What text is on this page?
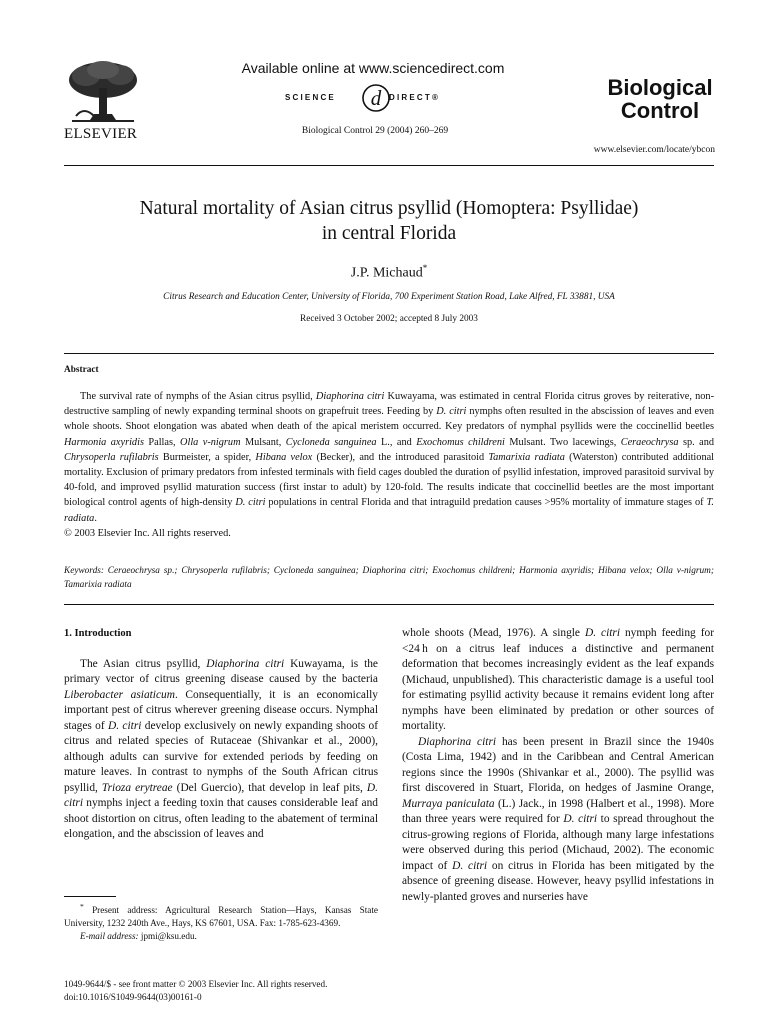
ELSEVIER
Available online at www.sciencedirect.com
d
SCIENCE	DIRECT®
Biological Control 29 (2004) 260–269
Biological
Control
www.elsevier.com/locate/ybcon
Natural mortality of Asian citrus psyllid (Homoptera: Psyllidae)
in central Florida
J.P. Michaud*
Citrus Research and Education Center, University of Florida, 700 Experiment Station Road, Lake Alfred, FL 33881, USA
Received 3 October 2002; accepted 8 July 2003
Abstract

The survival rate of nymphs of the Asian citrus psyllid, Diaphorina citri Kuwayama, was estimated in central Florida citrus groves by reiterative, non-destructive sampling of newly expanding terminal shoots on grapefruit trees. Feeding by D. citri nymphs often resulted in the abscission of leaves and even whole shoots. Shoot elongation was abated when death of the apical meristem occurred. Key predators of nymphal psyllids were the coccinellid beetles Harmonia axyridis Pallas, Olla v-nigrum Mulsant, Cycloneda sanguinea L., and Exochomus childreni Mulsant. Two lacewings, Ceraeochrysa sp. and Chrysoperla rufilabris Burmeister, a spider, Hibana velox (Becker), and the introduced parasitoid Tamarixia radiata (Waterston) contributed additional mortality. Exclusion of primary predators from infested terminals with field cages doubled the duration of psyllid infestation, improved parasitoid survival by 40-fold, and improved psyllid maturation success (first instar to adult) by 120-fold. The results indicate that coccinellid beetles are the most important biological control agents of high-density D. citri populations in central Florida and that intraguild predation causes >95% mortality of immature stages of T. radiata.

© 2003 Elsevier Inc. All rights reserved.

Keywords: Ceraeochrysa sp.; Chrysoperla rufilabris; Cycloneda sanguinea; Diaphorina citri; Exochomus childreni; Harmonia axyridis; Hibana velox; Olla v-nigrum; Tamarixia radiata

1. Introduction

The Asian citrus psyllid, Diaphorina citri Kuwayama, is the primary vector of citrus greening disease caused by the bacteria Liberobacter asiaticum. Consequentially, it is an economically important pest of citrus wherever greening disease occurs. Nymphal stages of D. citri develop exclusively on newly expanding shoots of citrus and related species of Rutaceae (Shivankar et al., 2000), although adults can survive for extended periods by feeding on mature leaves. In contrast to nymphs of the South African citrus psyllid, Trioza erytreae (Del Guercio), that develop in leaf pits, D. citri nymphs inject a feeding toxin that causes considerable leaf and shoot distortion on citrus, often leading to the abatement of terminal elongation, and the abscission of leaves and

whole shoots (Mead, 1976). A single D. citri nymph feeding for <24 h on a citrus leaf induces a distinctive and permanent deformation that becomes increasingly evident as the leaf expands (Michaud, unpublished). This characteristic damage is a useful tool for estimating psyllid activity because it remains evident long after nymphs have been eliminated by predation or other sources of mortality.

Diaphorina citri has been present in Brazil since the 1940s (Costa Lima, 1942) and in the Caribbean and Central American regions since the 1990s (Shivankar et al., 2000). The psyllid was first discovered in Stuart, Florida, on hedges of Jasmine Orange, Murraya paniculata (L.) Jack., in 1998 (Halbert et al., 1998). More than three years were required for D. citri to spread throughout the citrus-growing regions of Florida, although many large infestations were observed during this period (Michaud, 2002). The economic impact of D. citri on citrus in Florida has been mitigated by the absence of greening disease. However, heavy psyllid infestations in newly-planted groves and nurseries have

* Present address: Agricultural Research Station—Hays, Kansas State University, 1232 240th Ave., Hays, KS 67601, USA. Fax: 1-785-623-4369.
E-mail address: jpmi@ksu.edu.
1049-9644/$ - see front matter © 2003 Elsevier Inc. All rights reserved.
doi:10.1016/S1049-9644(03)00161-0
